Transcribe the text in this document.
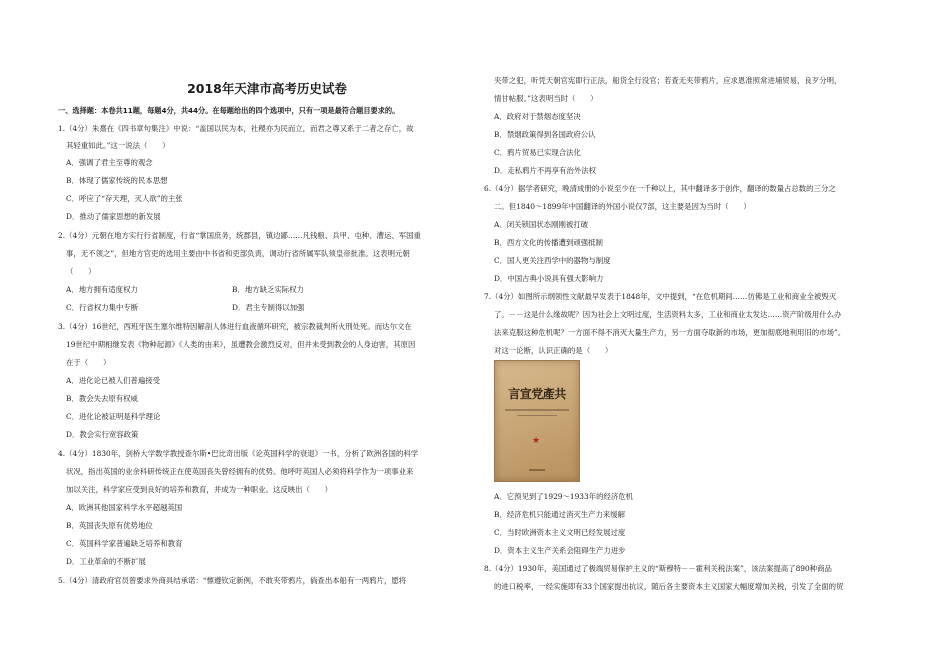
2018年天津市高考历史试卷
一、选择题：本卷共11题，每题4分，共44分。在每题给出的四个选项中，只有一项是最符合题目要求的。
1.（4分）朱熹在《四书章句集注》中说：“盖国以民为本，社稷亦为民而立，而君之尊又系于二者之存亡，故
其轻重如此。”这一说法（　　）
A．强调了君主至尊的观念
B．体现了儒家传统的民本思想
C．呼应了“存天理，灭人欲”的主张
D．推动了儒家思想的新发展
2.（4分）元朝在地方实行行省制度，行省“掌国庶务，统郡县，镇边鄙……凡钱粮、兵甲、屯种、漕运、军国重
事，无不领之”，但地方官吏的选用主要由中书省和吏部负责，调动行省所属军队须皇帝批准。这表明元朝
（　　）
A．地方拥有适度权力	B．地方缺乏实际权力
C．行省权力集中专断	D．君主专制得以加强
3.（4分）16世纪，西班牙医生塞尔维特因解剖人体进行血液循环研究，被宗教裁判所火刑处死。而达尔文在
19世纪中期相继发表《物种起源》《人类的由来》，虽遭教会激烈反对，但并未受到教会的人身迫害，其原因
在于（　　）
A．进化论已被人们普遍接受
B．教会失去原有权威
C．进化论被证明是科学理论
D．教会实行宽容政策
4.（4分）1830年，剑桥大学数学教授查尔斯•巴比奇出版《论英国科学的衰退》一书，分析了欧洲各国的科学
状况，指出英国的业余科研传统正在使英国丧失曾经拥有的优势。他呼吁英国人必须将科学作为一项事业来
加以关注，科学家应受到良好的培养和教育，并成为一种职业。这反映出（　　）
A．欧洲其他国家科学水平超越英国
B．英国丧失原有优势地位
C．英国科学家普遍缺乏培养和教育
D．工业革命的不断扩展
5.（4分）清政府官员曾要求外商具结承诺：“懔遵钦定新例，不敢夹带鸦片，倘查出本船有一两鸦片，愿将
夹带之犯，听凭天朝官宪即行正法，船货全行没官；若查无夹带鸦片，应求恩准照常进埔贸易，良歹分明，
情甘帖服。”这表明当时（　　）
A．政府对于禁烟态度坚决
B．禁烟政策得到各国政府公认
C．鸦片贸易已实现合法化
D．走私鸦片不再享有治外法权
6.（4分）据学者研究，晚清成册的小说至少在一千种以上，其中翻译多于创作，翻译的数量占总数的三分之
二。但1840～1899年中国翻译的外国小说仅7部，这主要是因为当时（　　）
A．闭关锁国状态刚刚被打破
B．西方文化的传播遭到顽强抵制
C．国人更关注西学中的器物与制度
D．中国古典小说具有强大影响力
7.（4分）如图所示纲领性文献最早发表于1848年，文中提到，“在危机期间……仿佛是工业和商业全被毁灭
了。－－这是什么缘故呢？因为社会上文明过度，生活资料太多，工业和商业太发达……资产阶级用什么办
法来克服这种危机呢？一方面不得不消灭大量生产力，另一方面夺取新的市场，更加彻底地利用旧的市场”。
对这一论断，认识正确的是（　　）
言宣党產共
★
A．它预见到了1929～1933年的经济危机
B．经济危机只能通过消灭生产力来缓解
C．当时欧洲资本主义文明已经发展过度
D．资本主义生产关系会阻碍生产力进步
8.（4分）1930年，美国通过了极端贸易保护主义的“斯穆特－－霍利关税法案”，该法案提高了890种商品
的进口税率，一经实施即有33个国家提出抗议，随后各主要资本主义国家大幅度增加关税，引发了全面的贸
